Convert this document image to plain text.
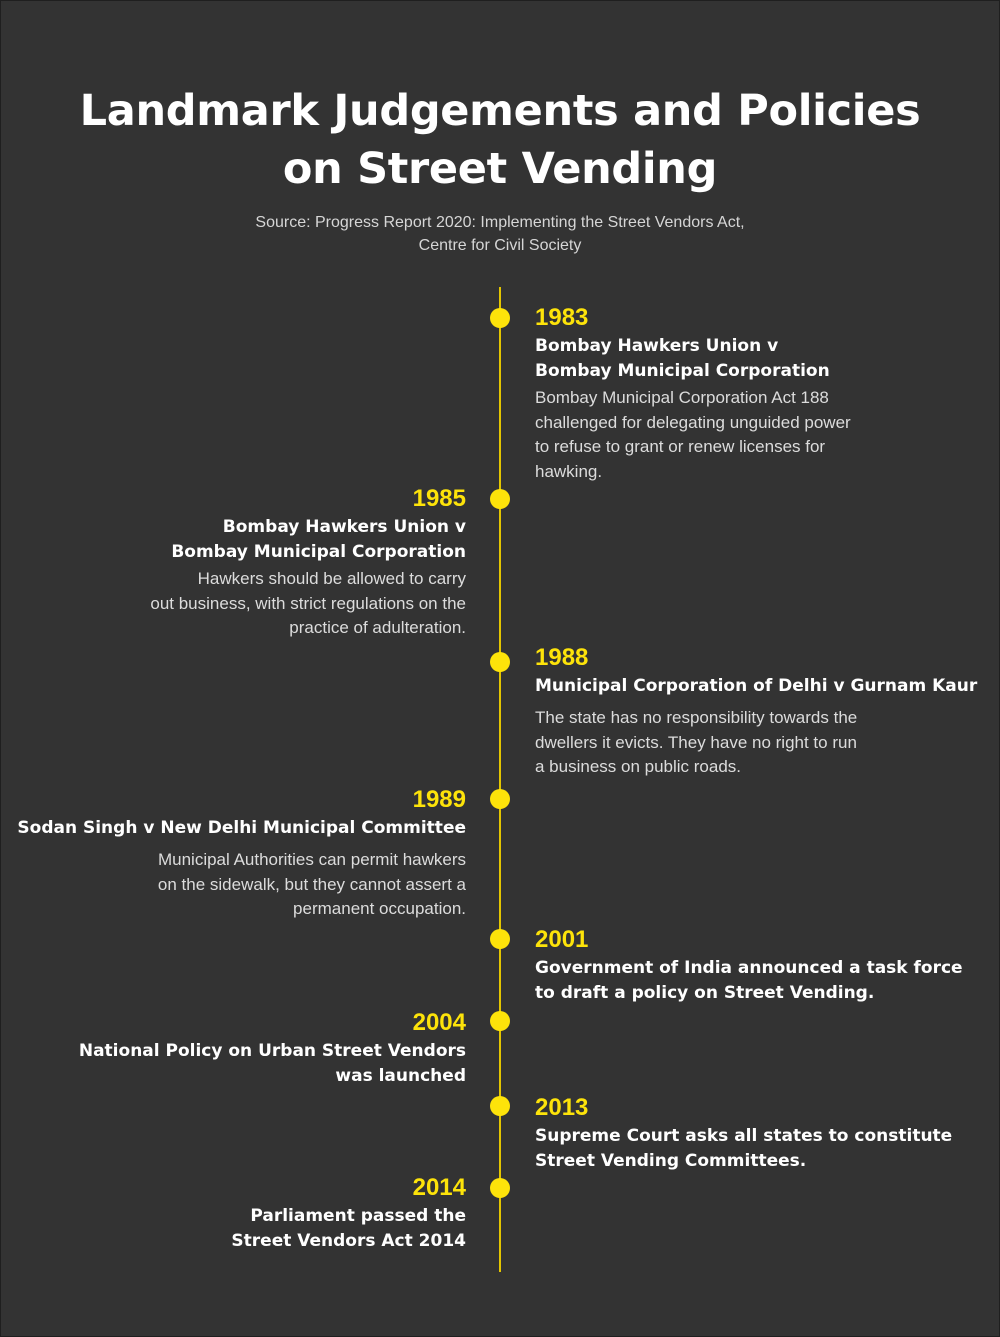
Landmark Judgements and Policies
on Street Vending
Source: Progress Report 2020: Implementing the Street Vendors Act,
Centre for Civil Society
1983
Bombay Hawkers Union v
Bombay Municipal Corporation
Bombay Municipal Corporation Act 188
challenged for delegating unguided power
to refuse to grant or renew licenses for
hawking.
1985
Bombay Hawkers Union v
Bombay Municipal Corporation
Hawkers should be allowed to carry
out business, with strict regulations on the
practice of adulteration.
1988
Municipal Corporation of Delhi v Gurnam Kaur
The state has no responsibility towards the
dwellers it evicts. They have no right to run
a business on public roads.
1989
Sodan Singh v New Delhi Municipal Committee
Municipal Authorities can permit hawkers
on the sidewalk, but they cannot assert a
permanent occupation.
2001
Government of India announced a task force
to draft a policy on Street Vending.
2004
National Policy on Urban Street Vendors
was launched
2013
Supreme Court asks all states to constitute
Street Vending Committees.
2014
Parliament passed the
Street Vendors Act 2014
